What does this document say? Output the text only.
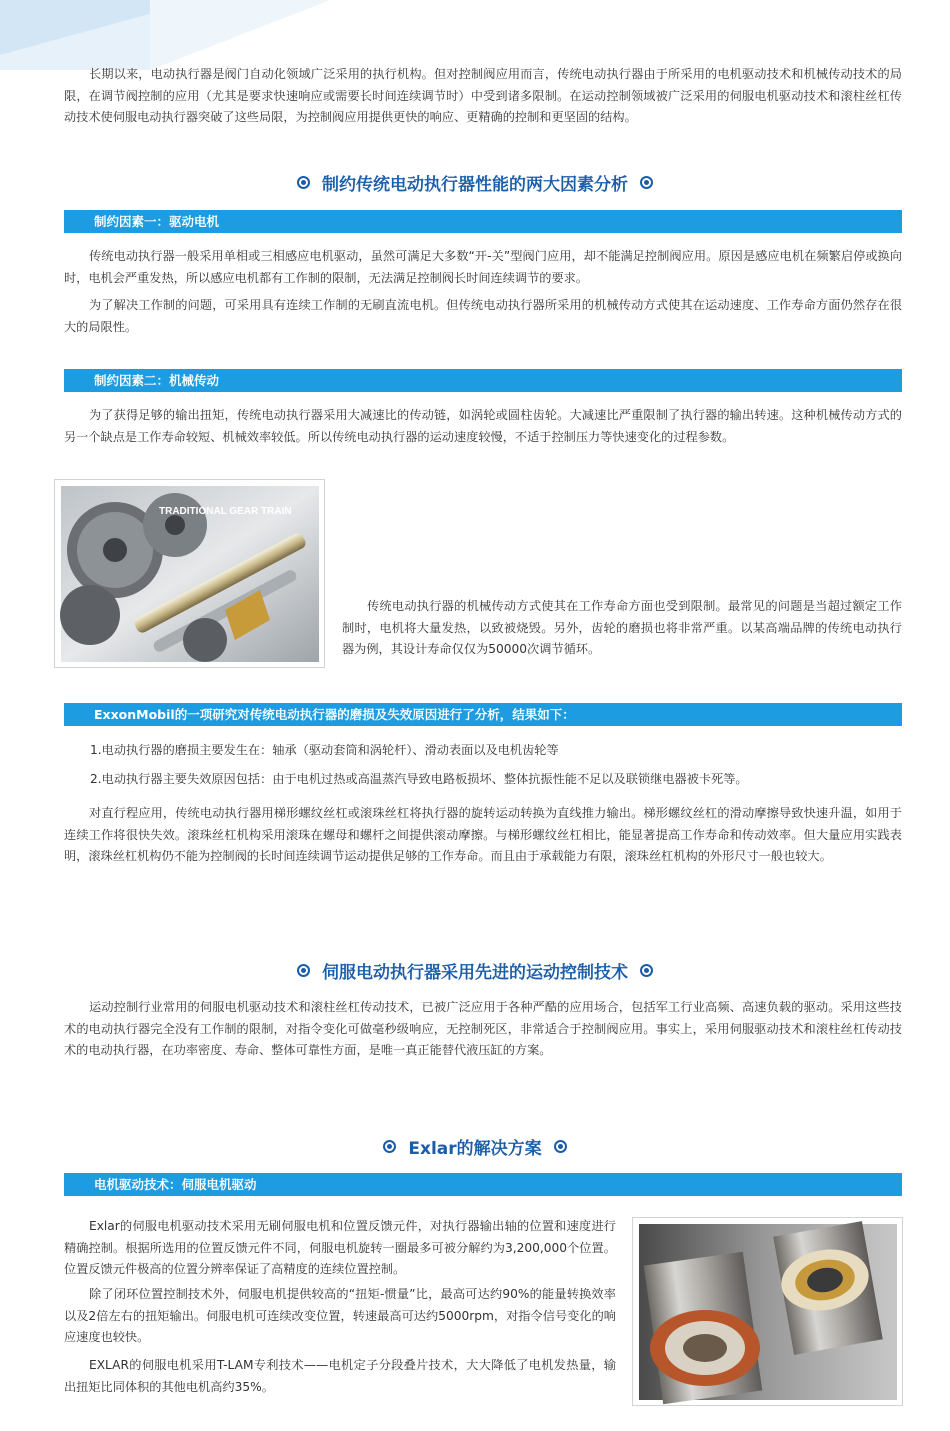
长期以来，电动执行器是阀门自动化领域广泛采用的执行机构。但对控制阀应用而言，传统电动执行器由于所采用的电机驱动技术和机械传动技术的局限，在调节阀控制的应用（尤其是要求快速响应或需要长时间连续调节时）中受到诸多限制。在运动控制领域被广泛采用的伺服电机驱动技术和滚柱丝杠传动技术使伺服电动执行器突破了这些局限，为控制阀应用提供更快的响应、更精确的控制和更坚固的结构。

制约传统电动执行器性能的两大因素分析
制约因素一：驱动电机

传统电动执行器一般采用单相或三相感应电机驱动，虽然可满足大多数“开-关”型阀门应用，却不能满足控制阀应用。原因是感应电机在频繁启停或换向时，电机会严重发热，所以感应电机都有工作制的限制，无法满足控制阀长时间连续调节的要求。

为了解决工作制的问题，可采用具有连续工作制的无刷直流电机。但传统电动执行器所采用的机械传动方式使其在运动速度、工作寿命方面仍然存在很大的局限性。

制约因素二：机械传动

为了获得足够的输出扭矩，传统电动执行器采用大减速比的传动链，如涡轮或圆柱齿轮。大减速比严重限制了执行器的输出转速。这种机械传动方式的另一个缺点是工作寿命较短、机械效率较低。所以传统电动执行器的运动速度较慢，不适于控制压力等快速变化的过程参数。

TRADITIONAL GEAR TRAIN

传统电动执行器的机械传动方式使其在工作寿命方面也受到限制。最常见的问题是当超过额定工作制时，电机将大量发热，以致被烧毁。另外，齿轮的磨损也将非常严重。以某高端品牌的传统电动执行器为例，其设计寿命仅仅为50000次调节循环。

ExxonMobil的一项研究对传统电动执行器的磨损及失效原因进行了分析，结果如下：

1.电动执行器的磨损主要发生在：轴承（驱动套筒和涡轮杆）、滑动表面以及电机齿轮等

2.电动执行器主要失效原因包括：由于电机过热或高温蒸汽导致电路板损坏、整体抗振性能不足以及联锁继电器被卡死等。

对直行程应用，传统电动执行器用梯形螺纹丝杠或滚珠丝杠将执行器的旋转运动转换为直线推力输出。梯形螺纹丝杠的滑动摩擦导致快速升温，如用于连续工作将很快失效。滚珠丝杠机构采用滚珠在螺母和螺杆之间提供滚动摩擦。与梯形螺纹丝杠相比，能显著提高工作寿命和传动效率。但大量应用实践表明，滚珠丝杠机构仍不能为控制阀的长时间连续调节运动提供足够的工作寿命。而且由于承载能力有限，滚珠丝杠机构的外形尺寸一般也较大。

伺服电动执行器采用先进的运动控制技术

运动控制行业常用的伺服电机驱动技术和滚柱丝杠传动技术，已被广泛应用于各种严酷的应用场合，包括军工行业高频、高速负载的驱动。采用这些技术的电动执行器完全没有工作制的限制，对指令变化可做毫秒级响应，无控制死区，非常适合于控制阀应用。事实上，采用伺服驱动技术和滚柱丝杠传动技术的电动执行器，在功率密度、寿命、整体可靠性方面，是唯一真正能替代液压缸的方案。

Exlar的解决方案
电机驱动技术：伺服电机驱动

Exlar的伺服电机驱动技术采用无刷伺服电机和位置反馈元件，对执行器输出轴的位置和速度进行精确控制。根据所选用的位置反馈元件不同，伺服电机旋转一圈最多可被分解约为3,200,000个位置。位置反馈元件极高的位置分辨率保证了高精度的连续位置控制。

除了闭环位置控制技术外，伺服电机提供较高的“扭矩-惯量”比，最高可达约90%的能量转换效率以及2倍左右的扭矩输出。伺服电机可连续改变位置，转速最高可达约5000rpm，对指令信号变化的响应速度也较快。

EXLAR的伺服电机采用T-LAM专利技术——电机定子分段叠片技术，大大降低了电机发热量，输出扭矩比同体积的其他电机高约35%。
